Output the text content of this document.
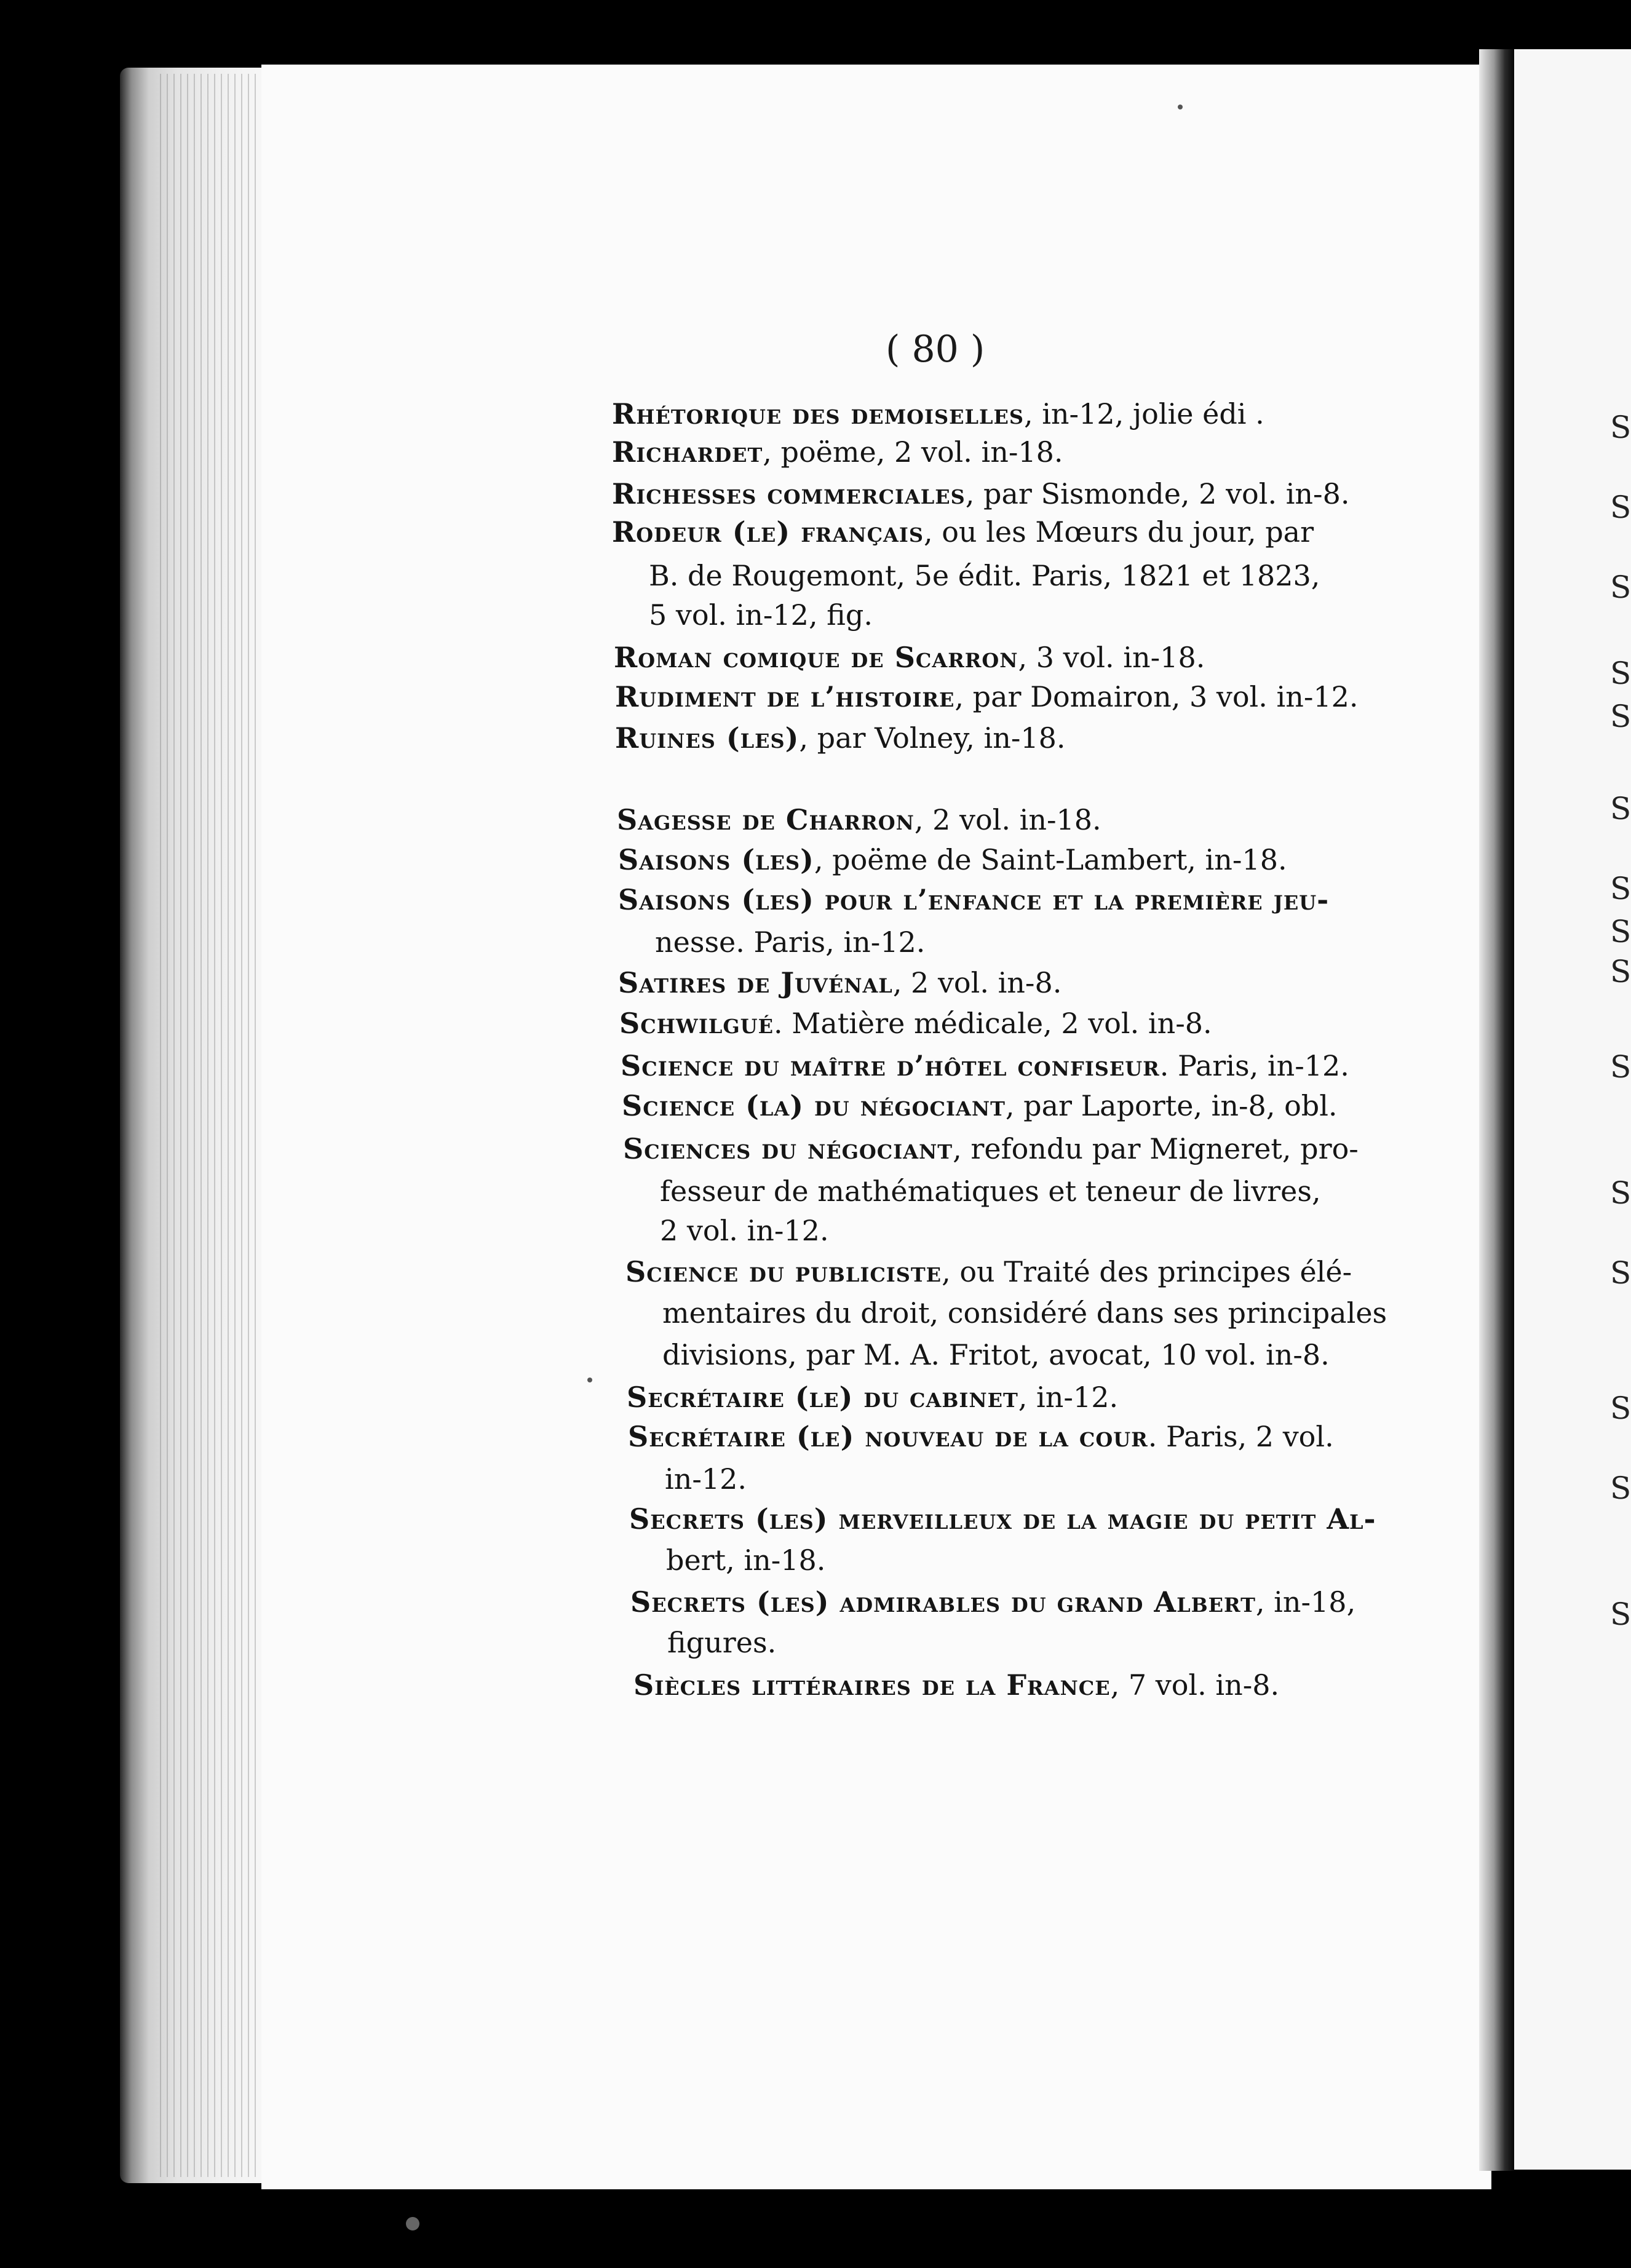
( 80 )
Rhétorique des demoiselles, in-12, jolie édi .
Richardet, poëme, 2 vol. in-18.
Richesses commerciales, par Sismonde, 2 vol. in-8.
Rodeur (le) français, ou les Mœurs du jour, par
B. de Rougemont, 5e édit. Paris, 1821 et 1823,
5 vol. in-12, fig.
Roman comique de Scarron, 3 vol. in-18.
Rudiment de l’histoire, par Domairon, 3 vol. in-12.
Ruines (les), par Volney, in-18.
Sagesse de Charron, 2 vol. in-18.
Saisons (les), poëme de Saint-Lambert, in-18.
Saisons (les) pour l’enfance et la première jeu-
nesse. Paris, in-12.
Satires de Juvénal, 2 vol. in-8.
Schwilgué. Matière médicale, 2 vol. in-8.
Science du maître d’hôtel confiseur. Paris, in-12.
Science (la) du négociant, par Laporte, in-8, obl.
Sciences du négociant, refondu par Migneret, pro-
fesseur de mathématiques et teneur de livres,
2 vol. in-12.
Science du publiciste, ou Traité des principes élé-
mentaires du droit, considéré dans ses principales
divisions, par M. A. Fritot, avocat, 10 vol. in-8.
Secrétaire (le) du cabinet, in-12.
Secrétaire (le) nouveau de la cour. Paris, 2 vol.
in-12.
Secrets (les) merveilleux de la magie du petit Al-
bert, in-18.
Secrets (les) admirables du grand Albert, in-18,
figures.
Siècles littéraires de la France, 7 vol. in-8.
S
S
S
S
S
S
S
S
S
S
S
S
S
S
S
